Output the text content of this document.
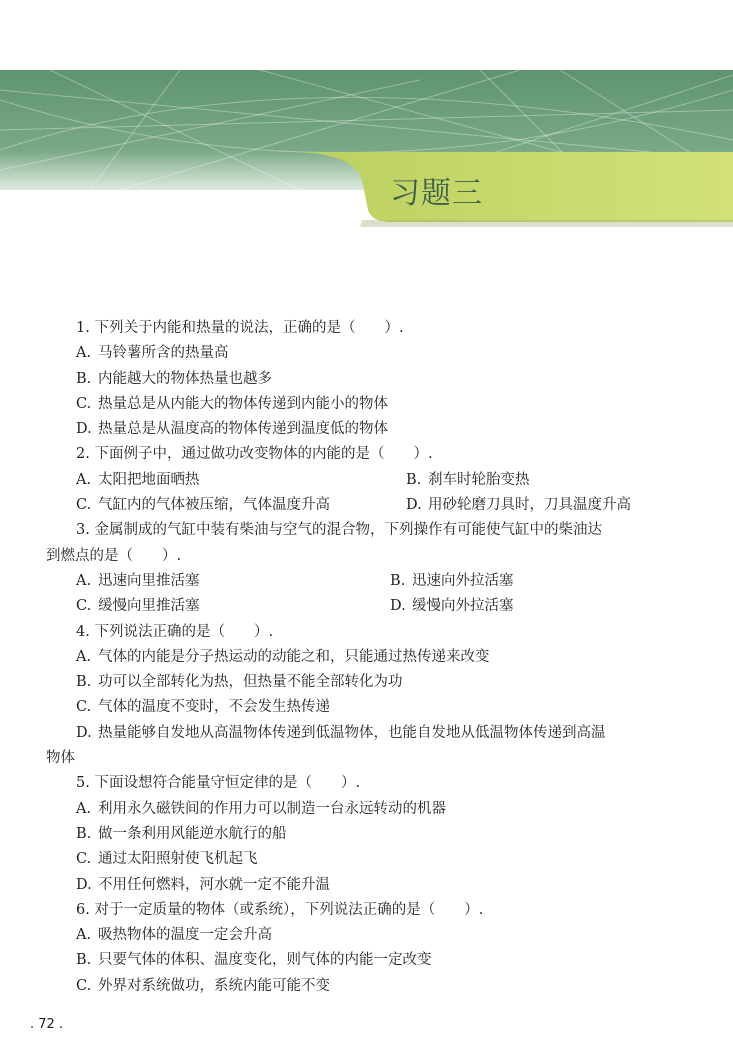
习题三
1. 下列关于内能和热量的说法，正确的是（　　）.
A. 马铃薯所含的热量高
B. 内能越大的物体热量也越多
C. 热量总是从内能大的物体传递到内能小的物体
D. 热量总是从温度高的物体传递到温度低的物体
2. 下面例子中，通过做功改变物体的内能的是（　　）.
A. 太阳把地面晒热	B. 刹车时轮胎变热
C. 气缸内的气体被压缩，气体温度升高	D. 用砂轮磨刀具时，刀具温度升高
3. 金属制成的气缸中装有柴油与空气的混合物，下列操作有可能使气缸中的柴油达
到燃点的是（　　）.
A. 迅速向里推活塞	B. 迅速向外拉活塞
C. 缓慢向里推活塞	D. 缓慢向外拉活塞
4. 下列说法正确的是（　　）.
A. 气体的内能是分子热运动的动能之和，只能通过热传递来改变
B. 功可以全部转化为热，但热量不能全部转化为功
C. 气体的温度不变时，不会发生热传递
D. 热量能够自发地从高温物体传递到低温物体，也能自发地从低温物体传递到高温
物体
5. 下面设想符合能量守恒定律的是（　　）.
A. 利用永久磁铁间的作用力可以制造一台永远转动的机器
B. 做一条利用风能逆水航行的船
C. 通过太阳照射使飞机起飞
D. 不用任何燃料，河水就一定不能升温
6. 对于一定质量的物体（或系统），下列说法正确的是（　　）.
A. 吸热物体的温度一定会升高
B. 只要气体的体积、温度变化，则气体的内能一定改变
C. 外界对系统做功，系统内能可能不变
. 72 .
